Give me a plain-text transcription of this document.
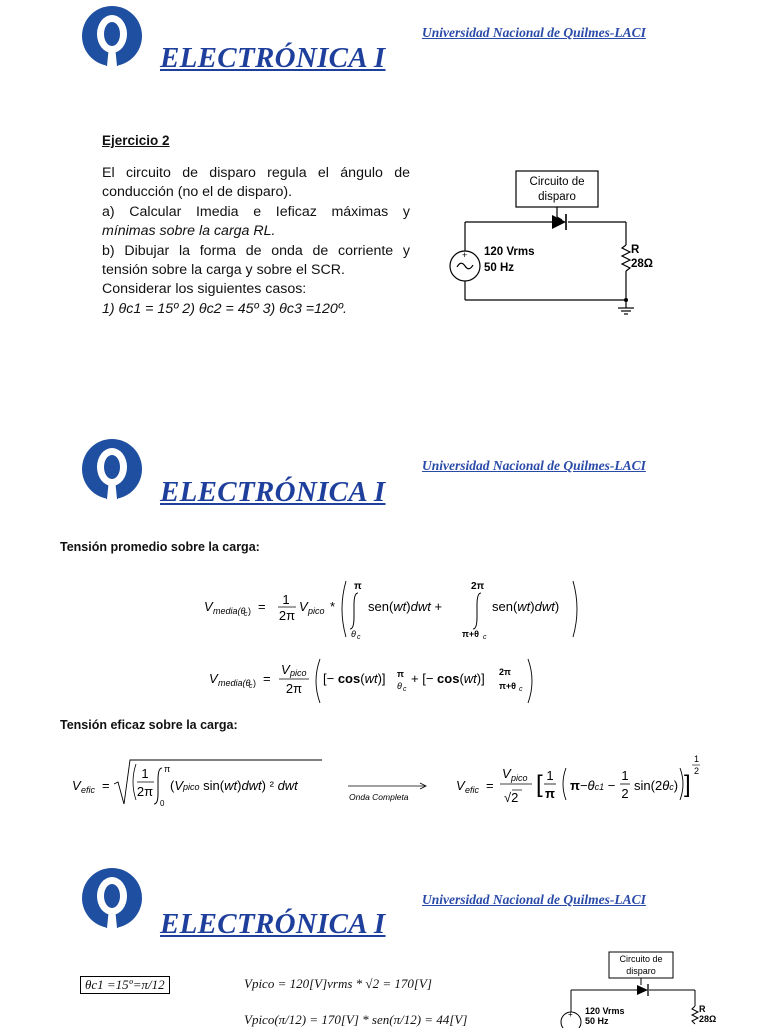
ELECTRÓNICA I
Universidad Nacional de Quilmes-LACI
Ejercicio 2
El circuito de disparo regula el ángulo de
conducción (no el de disparo).
a) Calcular Imedia e Ieficaz máximas y
mínimas sobre la carga RL.
b) Dibujar la forma de onda de corriente y
tensión sobre la carga y sobre el SCR.
Considerar los siguientes casos:
1) θc1 = 15º 2) θc2 = 45º 3) θc3 =120º.
Circuito de
disparo
+ 120 Vrms
50 Hz
R
28Ω
ELECTRÓNICA I
Universidad Nacional de Quilmes-LACI
Tensión promedio sobre la carga:
V media(θ
c ) = 1
2π
V pico *
π
θ c
sen(wt)dwt +
2π
π+θ c
sen(wt)dwt)
V media(θ
c ) =
V pico
2π
[− cos(wt)] π
θ c
+ [− cos(wt)] 2π
π+θ c
Tensión eficaz sobre la carga:
V efic =
1
2π
π
0
(Vpico sin(wt)dwt) ² dwt
Onda Completa
V efic =
V pico
√2 [ 1
π
π−θc1 −
1
2
sin(2θc) ]
1
2
ELECTRÓNICA I
Universidad Nacional de Quilmes-LACI
θc1 =15º=π/12	Vpico = 120[V]vrms * √2 = 170[V]
Vpico(π/12) = 170[V] * sen(π/12) = 44[V]
Circuito de
disparo
+ 120 Vrms
50 Hz
R
28Ω
